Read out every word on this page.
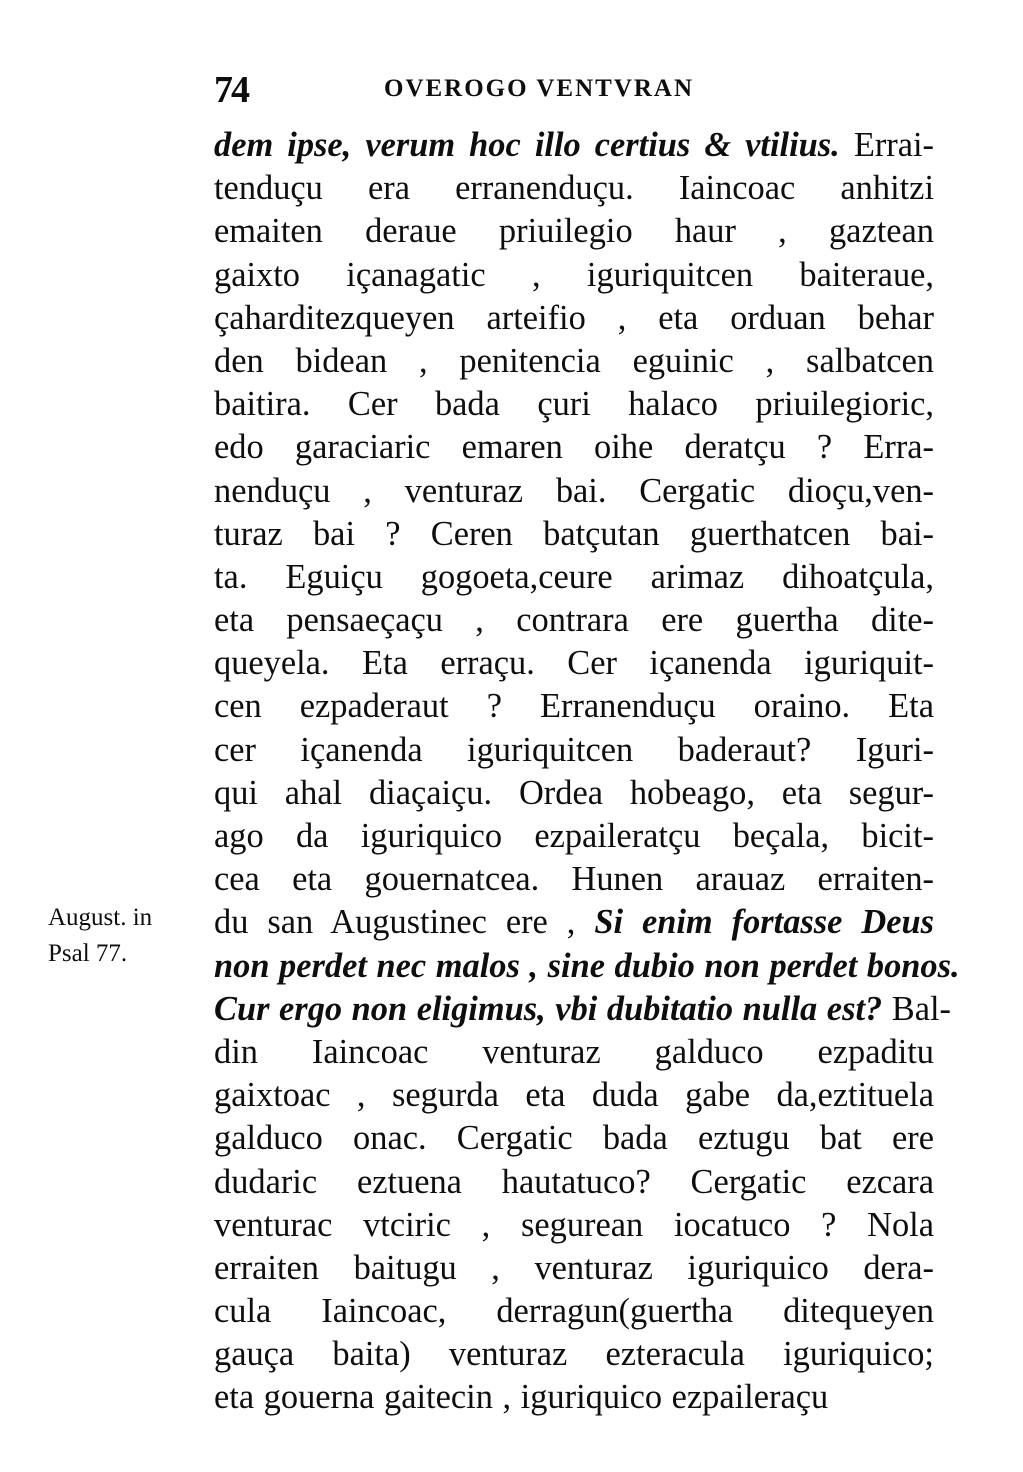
74	OVEROGO VENTVRAN
August. in
Psal 77.
dem ipse, verum hoc illo certius & vtilius. Errai-
tenduçu era erranenduçu. Iaincoac anhitzi
emaiten deraue priuilegio haur , gaztean
gaixto içanagatic , iguriquitcen baiteraue,
çaharditezqueyen arteifio , eta orduan behar
den bidean , penitencia eguinic , salbatcen
baitira. Cer bada çuri halaco priuilegioric,
edo garaciaric emaren oihe deratçu ? Erra-
nenduçu , venturaz bai. Cergatic dioçu,ven-
turaz bai ? Ceren batçutan guerthatcen bai-
ta. Eguiçu gogoeta,ceure arimaz dihoatçula,
eta pensaeçaçu , contrara ere guertha dite-
queyela. Eta erraçu. Cer içanenda iguriquit-
cen ezpaderaut ? Erranenduçu oraino. Eta
cer içanenda iguriquitcen baderaut? Iguri-
qui ahal diaçaiçu. Ordea hobeago, eta segur-
ago da iguriquico ezpaileratçu beçala, bicit-
cea eta gouernatcea. Hunen arauaz erraiten-
du san Augustinec ere , Si enim fortasse Deus
non perdet nec malos , sine dubio non perdet bonos.
Cur ergo non eligimus, vbi dubitatio nulla est? Bal-
din Iaincoac venturaz galduco ezpaditu
gaixtoac , segurda eta duda gabe da,eztituela
galduco onac. Cergatic bada eztugu bat ere
dudaric eztuena hautatuco? Cergatic ezcara
venturac vtciric , segurean iocatuco ? Nola
erraiten baitugu , venturaz iguriquico dera-
cula Iaincoac, derragun(guertha ditequeyen
gauça baita) venturaz ezteracula iguriquico;
eta gouerna gaitecin , iguriquico ezpaileraçu
